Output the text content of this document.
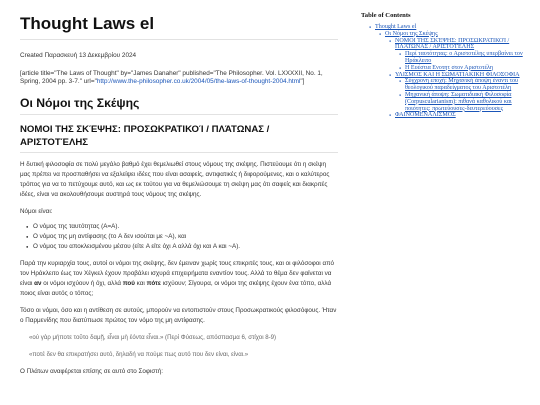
Thought Laws el
Created Παρασκευή 13 Δεκεμβρίου 2024
[article title="The Laws of Thought" by="James Danaher" published="The Philosopher. Vol. LXXXXII, No. 1, Spring, 2004 pp. 3-7." url="http://www.the-philosopher.co.uk/2004/05/the-laws-of-thought-2004.html"]
Οι Νόμοι της Σκέψης
ΝΟΜΟΙ ΤΗΣ ΣΚΈΨΗΣ: ΠΡΟΣΩΚΡΑΤΙΚΟΊ / ΠΛΆΤΩΝΑΣ / ΑΡΙΣΤΟΤΈΛΗΣ
Η δυτική φιλοσοφία σε πολύ μεγάλο βαθμό έχει θεμελιωθεί στους νόμους της σκέψης. Πιστεύουμε ότι η σκέψη μας πρέπει να προσπαθήσει να εξαλείψει ιδέες που είναι ασαφείς, αντιφατικές ή διφορούμενες, και ο καλύτερος τρόπος για να το πετύχουμε αυτό, και ως εκ τούτου για να θεμελιώσουμε τη σκέψη μας ότι σαφείς και διακριτές ιδέες, είναι να ακολουθήσουμε αυστηρά τους νόμους της σκέψης.
Νόμοι είναι:
● Ο νόμος της ταυτότητας (A=A).
● Ο νόμος της μη αντίφασης (το A δεν ισούται με ~A), και
● Ο νόμος του αποκλεισμένου μέσου (είτε A είτε όχι A αλλά όχι και A και ~A).
Παρά την κυριαρχία τους, αυτοί οι νόμοι της σκέψης, δεν έμειναν χωρίς τους επικριτές τους, και οι φιλόσοφοι από τον Ηράκλειτο έως τον Χέγκελ έχουν προβάλει ισχυρά επιχειρήματα εναντίον τους. Αλλά το θέμα δεν φαίνεται να είναι αν οι νόμοι ισχύουν ή όχι, αλλά πού και πότε ισχύουν; Σίγουρα, οι νόμοι της σκέψης έχουν ένα τόπο, αλλά ποιος είναι αυτός ο τόπος;
Τόσο οι νόμοι, όσο και η αντίθεση σε αυτούς, μπορούν να εντοπιστούν στους Προσωκρατικούς φιλοσόφους. Ήταν ο Παρμενίδης που διατύπωσε πρώτος τον νόμο της μη αντίφασης.
«ού γὰρ μήποτε τοῦτο δαμῇ, εἶναι μὴ ἐόντα εἶναι.» (Περί Φύσεως, απόσπασμα 6, στίχοι 8-9)
«ποτέ δεν θα επικρατήσει αυτό, δηλαδή να πούμε πως αυτό που δεν είναι, είναι.»
Ο Πλάτων αναφέρεται επίσης σε αυτό στο Σοφιστή:
Table of Contents
● Thought Laws el
● Οι Νόμοι της Σκέψης
● ΝΟΜΟΙ ΤΗΣ ΣΚΈΨΗΣ: ΠΡΟΣΩΚΡΑΤΙΚΟΊ / ΠΛΆΤΩΝΑΣ / ΑΡΙΣΤΟΤΈΛΗΣ
● Περί ταυτότητας: ο Αριστοτέλης υπερβαίνει τον Ηράκλειτο
● Η Ευέστια Ενοτητ στον Αριστοτέλη
● ΥΛΙΣΜΟΣ ΚΑΙ Η ΣΩΜΑΤΙΑΚΙΚΗ ΦΙΛΟΣΟΦΙΑ
● Σύγχρονη εποχή: Μηχανική άποψη έναντι του θεολογικού παραδείγματος του Αριστοτέλη
● Μηχανική άποψη: Σωματιδιακή Φιλοσοφία (Corpuscularianism): πιθανά καθολικού και ποιότητες: πρωτεύουσες-δευτερεύουσες
● ΦΑΙΝΟΜΕΝΑΛΙΣΜΟΣ
